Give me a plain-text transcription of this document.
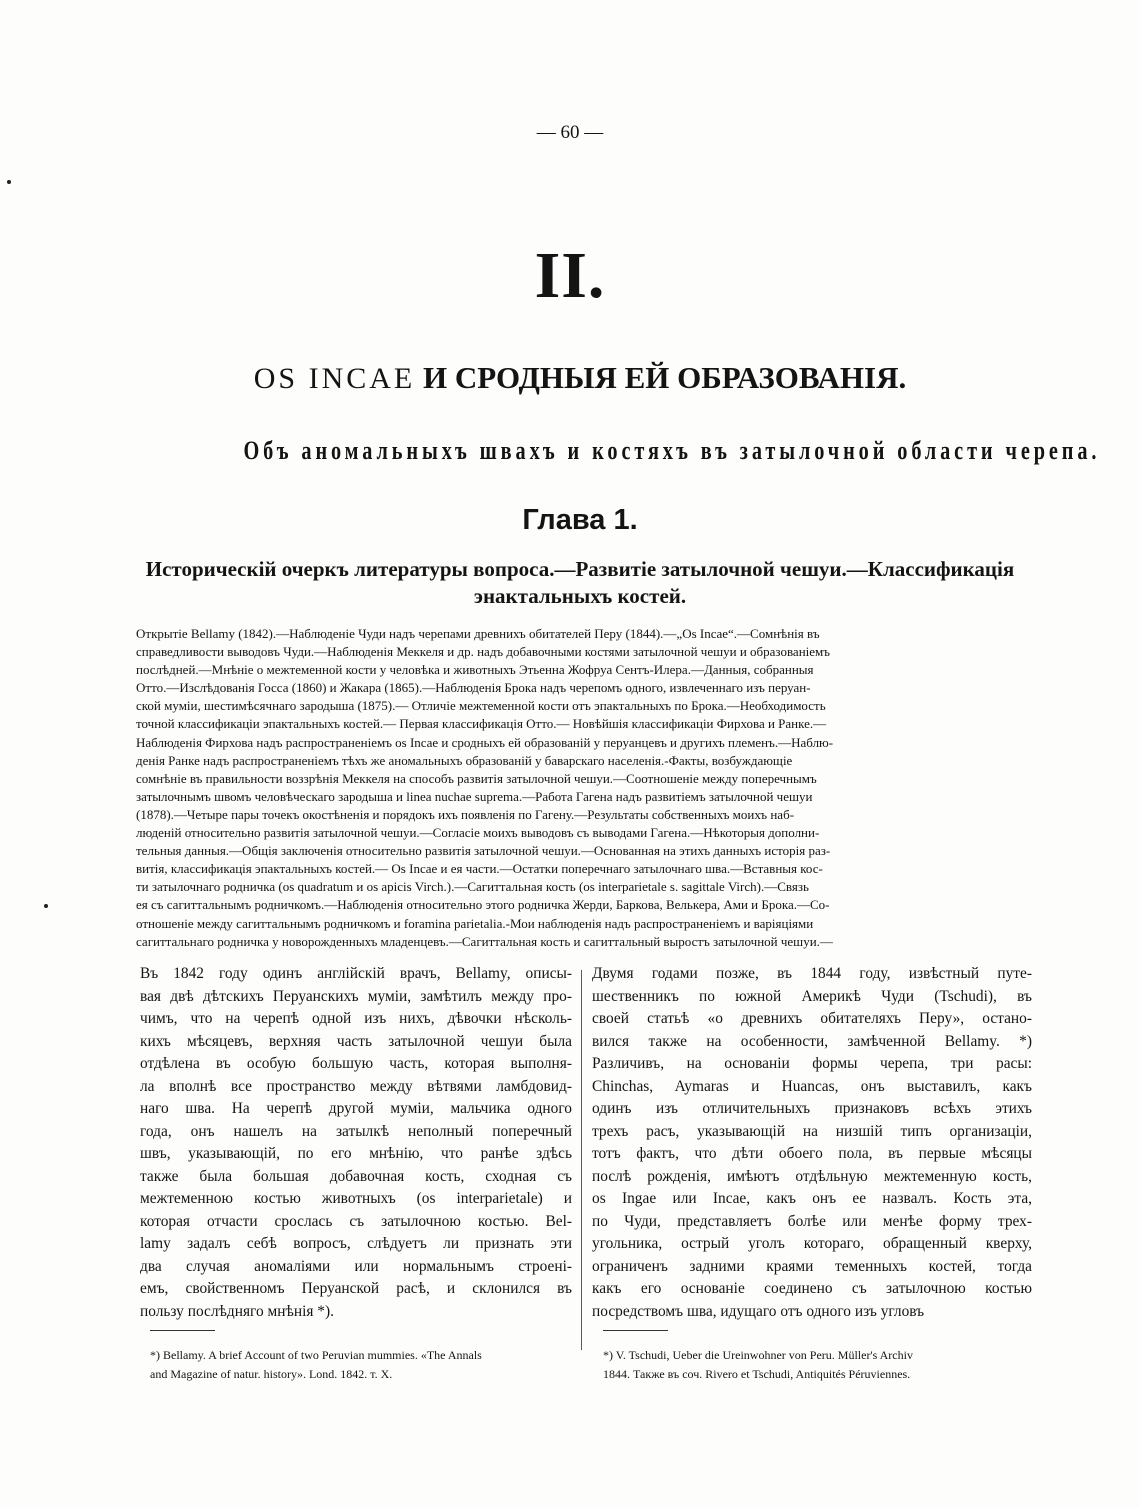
— 60 —
II.
OS INCAE И СРОДНЫЯ ЕЙ ОБРАЗОВАНІЯ.
Объ аномальныхъ швахъ и костяхъ въ затылочной области черепа.
Глава 1.
Историческій очеркъ литературы вопроса.—Развитіе затылочной чешуи.—Классификація энактальныхъ костей.
Открытіе Bellamy (1842).—Наблюденіе Чуди надъ черепами древнихъ обитателей Перу (1844).—„Os Incae“.—Сомнѣнія въ
справедливости выводовъ Чуди.—Наблюденія Меккеля и др. надъ добавочными костями затылочной чешуи и образованіемъ
послѣдней.—Мнѣніе о межтеменной кости у человѣка и животныхъ Этьенна Жофруа Сентъ-Илера.—Данныя, собранныя
Отто.—Изслѣдованія Госса (1860) и Жакара (1865).—Наблюденія Брока надъ черепомъ одного, извлеченнаго изъ перуан-
ской муміи, шестимѣсячнаго зародыша (1875).— Отличіе межтеменной кости отъ эпактальныхъ по Брока.—Необходимость
точной классификаціи эпактальныхъ костей.— Первая классификація Отто.— Новѣйшія классификаціи Фирхова и Ранке.—
Наблюденія Фирхова надъ распространеніемъ os Incae и сродныхъ ей образованій у перуанцевъ и другихъ племенъ.—Наблю-
денія Ранке надъ распространеніемъ тѣхъ же аномальныхъ образованій у баварскаго населенія.-Факты, возбуждающіе
сомнѣніе въ правильности воззрѣнія Меккеля на способъ развитія затылочной чешуи.—Соотношеніе между поперечнымъ
затылочнымъ швомъ человѣческаго зародыша и linea nuchae suprema.—Работа Гагена надъ развитіемъ затылочной чешуи
(1878).—Четыре пары точекъ окостѣненія и порядокъ ихъ появленія по Гагену.—Результаты собственныхъ моихъ наб-
люденій относительно развитія затылочной чешуи.—Согласіе моихъ выводовъ съ выводами Гагена.—Нѣкоторыя дополни-
тельныя данныя.—Общія заключенія относительно развитія затылочной чешуи.—Основанная на этихъ данныхъ исторія раз-
витія, классификація эпактальныхъ костей.— Os Incae и ея части.—Остатки поперечнаго затылочнаго шва.—Вставныя кос-
ти затылочнаго родничка (os quadratum и os apicis Virch.).—Сагиттальная кость (os interparietale s. sagittale Virch).—Связь
ея съ сагиттальнымъ родничкомъ.—Наблюденія относительно этого родничка Жерди, Баркова, Велькера, Ами и Брока.—Со-
отношеніе между сагиттальнымъ родничкомъ и foramina parietalia.-Мои наблюденія надъ распространеніемъ и варіяціями
сагиттальнаго родничка у новорожденныхъ младенцевъ.—Сагиттальная кость и сагиттальный выростъ затылочной чешуи.—
Въ 1842 году одинъ англійскій врачъ, Bellamy, описы-
вая двѣ дѣтскихъ Перуанскихъ муміи, замѣтилъ между про-
чимъ, что на черепѣ одной изъ нихъ, дѣвочки нѣсколь-
кихъ мѣсяцевъ, верхняя часть затылочной чешуи была
отдѣлена въ особую большую часть, которая выполня-
ла вполнѣ все пространство между вѣтвями ламбдовид-
наго шва. На черепѣ другой муміи, мальчика одного
года, онъ нашелъ на затылкѣ неполный поперечный
швъ, указывающій, по его мнѣнію, что ранѣе здѣсь
также была большая добавочная кость, сходная съ
межтеменною костью животныхъ (os interparietale) и
которая отчасти срослась съ затылочною костью. Bel-
lamy задалъ себѣ вопросъ, слѣдуетъ ли признать эти
два случая аномаліями или нормальнымъ строені-
емъ, свойственномъ Перуанской расѣ, и склонился въ
пользу послѣдняго мнѣнія *).
Двумя годами позже, въ 1844 году, извѣстный путе-
шественникъ по южной Америкѣ Чуди (Tschudi), въ
своей статьѣ «о древнихъ обитателяхъ Перу», остано-
вился также на особенности, замѣченной Bellamy. *)
Различивъ, на основаніи формы черепа, три расы:
Chinchas, Aymaras и Huancas, онъ выставилъ, какъ
одинъ изъ отличительныхъ признаковъ всѣхъ этихъ
трехъ расъ, указывающій на низшій типъ организаціи,
тотъ фактъ, что дѣти обоего пола, въ первые мѣсяцы
послѣ рожденія, имѣютъ отдѣльную межтеменную кость,
os Ingae или Incae, какъ онъ ее назвалъ. Кость эта,
по Чуди, представляетъ болѣе или менѣе форму трех-
угольника, острый уголъ котораго, обращенный кверху,
ограниченъ задними краями теменныхъ костей, тогда
какъ его основаніе соединено съ затылочною костью
посредствомъ шва, идущаго отъ одного изъ угловъ
*) Bellamy. A brief Account of two Peruvian mummies. «The Annals
and Magazine of natur. history». Lond. 1842. т. X.
*) V. Tschudi, Ueber die Ureinwohner von Peru. Müller's Archiv
1844. Также въ соч. Rivero et Tschudi, Antiquités Péruviennes.
